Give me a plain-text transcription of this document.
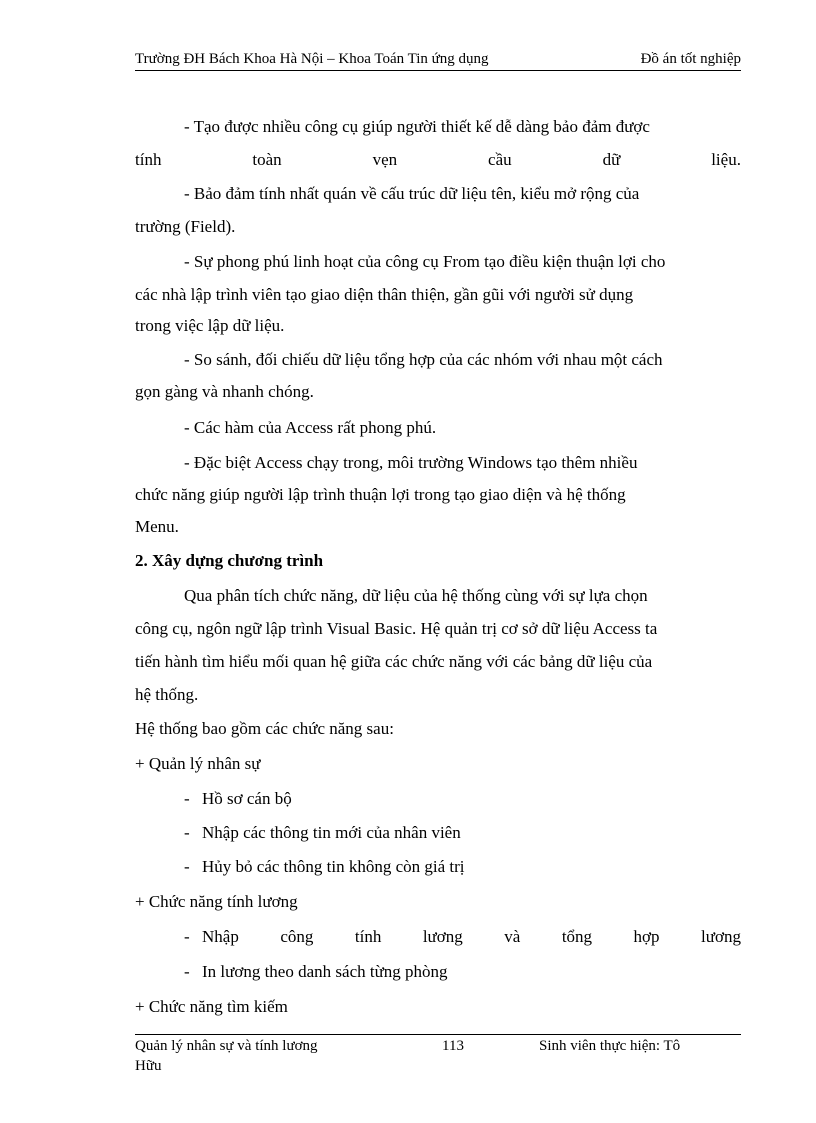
Trường ĐH Bách Khoa Hà Nội – Khoa Toán Tin ứng dụng	Đồ án tốt nghiệp
- Tạo được nhiều công cụ giúp người thiết kế dễ dàng bảo đảm được
tính	toàn	vẹn	cầu	dữ	liệu.
- Bảo đảm tính nhất quán về cấu trúc dữ liệu tên, kiểu mở rộng của
trường (Field).
- Sự phong phú linh hoạt của công cụ From tạo điều kiện thuận lợi cho
các nhà lập trình viên tạo giao diện thân thiện, gần gũi với người sử dụng
trong việc lập dữ liệu.
- So sánh, đối chiếu dữ liệu tổng hợp của các nhóm với nhau một cách
gọn gàng và nhanh chóng.
- Các hàm của Access rất phong phú.
- Đặc biệt Access chạy trong, môi trường Windows tạo thêm nhiều
chức năng giúp người lập trình thuận lợi trong tạo giao diện và hệ thống
Menu.
2. Xây dựng chương trình
Qua phân tích chức năng, dữ liệu của hệ thống cùng với sự lựa chọn
công cụ, ngôn ngữ lập trình Visual Basic. Hệ quản trị cơ sở dữ liệu Access ta
tiến hành tìm hiểu mối quan hệ giữa các chức năng với các bảng dữ liệu của
hệ thống.
Hệ thống bao gồm các chức năng sau:
+ Quản lý nhân sự
- Hồ sơ cán bộ
- Nhập các thông tin mới của nhân viên
- Hủy bỏ các thông tin không còn giá trị
+ Chức năng tính lương
- Nhập công tính lương và tổng hợp lương
- In lương theo danh sách từng phòng
+ Chức năng tìm kiếm
Quản lý nhân sự và tính lương	113	Sinh viên thực hiện: Tô
Hữu
